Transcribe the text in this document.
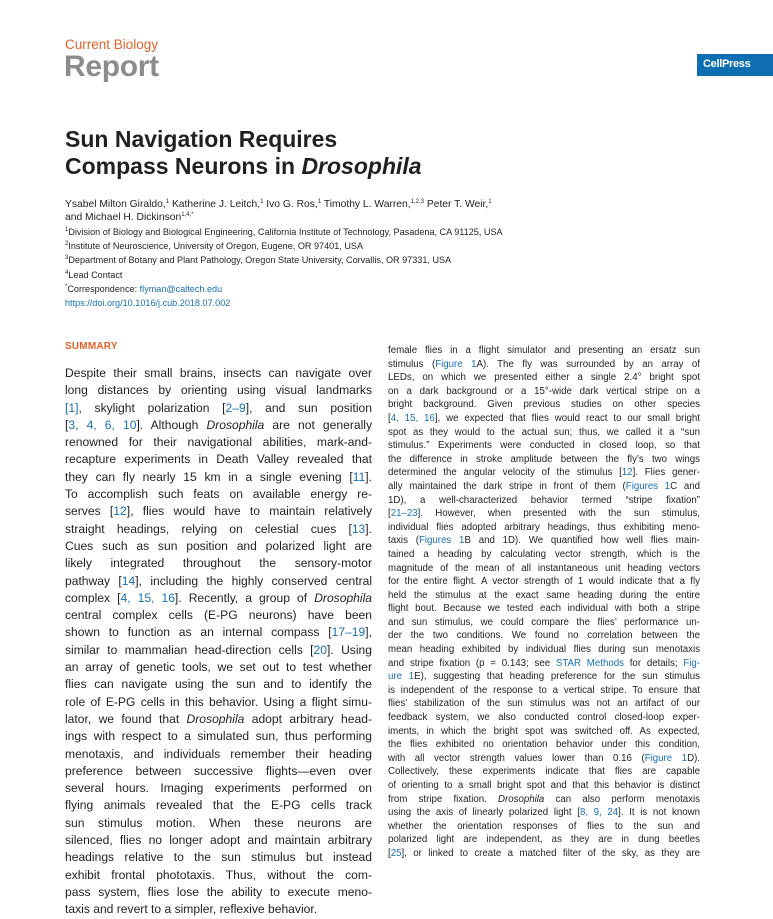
Current Biology
Report	CellPress
Sun Navigation Requires
Compass Neurons in Drosophila
Ysabel Milton Giraldo,$^1$ Katherine J. Leitch,$^1$ Ivo G. Ros,$^1$ Timothy L. Warren,$^{1,2,3}$ Peter T. Weir,$^1$
and Michael H. Dickinson$^{1,4,*}$
$^1$Division of Biology and Biological Engineering, California Institute of Technology, Pasadena, CA 91125, USA
$^2$Institute of Neuroscience, University of Oregon, Eugene, OR 97401, USA
$^3$Department of Botany and Plant Pathology, Oregon State University, Corvallis, OR 97331, USA
$^4$Lead Contact
*Correspondence: flyman@caltech.edu
https://doi.org/10.1016/j.cub.2018.07.002
SUMMARY
Despite their small brains, insects can navigate over
long distances by orienting using visual landmarks
[1], skylight polarization [2–9], and sun position
[3, 4, 6, 10]. Although Drosophila are not generally
renowned for their navigational abilities, mark-and-
recapture experiments in Death Valley revealed that
they can fly nearly 15 km in a single evening [11].
To accomplish such feats on available energy re-
serves [12], flies would have to maintain relatively
straight headings, relying on celestial cues [13].
Cues such as sun position and polarized light are
likely integrated throughout the sensory-motor
pathway [14], including the highly conserved central
complex [4, 15, 16]. Recently, a group of Drosophila
central complex cells (E-PG neurons) have been
shown to function as an internal compass [17–19],
similar to mammalian head-direction cells [20]. Using
an array of genetic tools, we set out to test whether
flies can navigate using the sun and to identify the
role of E-PG cells in this behavior. Using a flight simu-
lator, we found that Drosophila adopt arbitrary head-
ings with respect to a simulated sun, thus performing
menotaxis, and individuals remember their heading
preference between successive flights—even over
several hours. Imaging experiments performed on
flying animals revealed that the E-PG cells track
sun stimulus motion. When these neurons are
silenced, flies no longer adopt and maintain arbitrary
headings relative to the sun stimulus but instead
exhibit frontal phototaxis. Thus, without the com-
pass system, flies lose the ability to execute meno-
taxis and revert to a simpler, reflexive behavior.
female flies in a flight simulator and presenting an ersatz sun
stimulus (Figure 1A). The fly was surrounded by an array of
LEDs, on which we presented either a single 2.4° bright spot
on a dark background or a 15°-wide dark vertical stripe on a
bright background. Given previous studies on other species
[4, 15, 16], we expected that flies would react to our small bright
spot as they would to the actual sun; thus, we called it a “sun
stimulus.” Experiments were conducted in closed loop, so that
the difference in stroke amplitude between the fly’s two wings
determined the angular velocity of the stimulus [12]. Flies gener-
ally maintained the dark stripe in front of them (Figures 1C and
1D), a well-characterized behavior termed “stripe fixation”
[21–23]. However, when presented with the sun stimulus,
individual flies adopted arbitrary headings, thus exhibiting meno-
taxis (Figures 1B and 1D). We quantified how well flies main-
tained a heading by calculating vector strength, which is the
magnitude of the mean of all instantaneous unit heading vectors
for the entire flight. A vector strength of 1 would indicate that a fly
held the stimulus at the exact same heading during the entire
flight bout. Because we tested each individual with both a stripe
and sun stimulus, we could compare the flies’ performance un-
der the two conditions. We found no correlation between the
mean heading exhibited by individual flies during sun menotaxis
and stripe fixation (p = 0.143; see STAR Methods for details; Fig-
ure 1E), suggesting that heading preference for the sun stimulus
is independent of the response to a vertical stripe. To ensure that
flies’ stabilization of the sun stimulus was not an artifact of our
feedback system, we also conducted control closed-loop exper-
iments, in which the bright spot was switched off. As expected,
the flies exhibited no orientation behavior under this condition,
with all vector strength values lower than 0.16 (Figure 1D).
Collectively, these experiments indicate that flies are capable
of orienting to a small bright spot and that this behavior is distinct
from stripe fixation. Drosophila can also perform menotaxis
using the axis of linearly polarized light [8, 9, 24]. It is not known
whether the orientation responses of flies to the sun and
polarized light are independent, as they are in dung beetles
[25], or linked to create a matched filter of the sky, as they are
